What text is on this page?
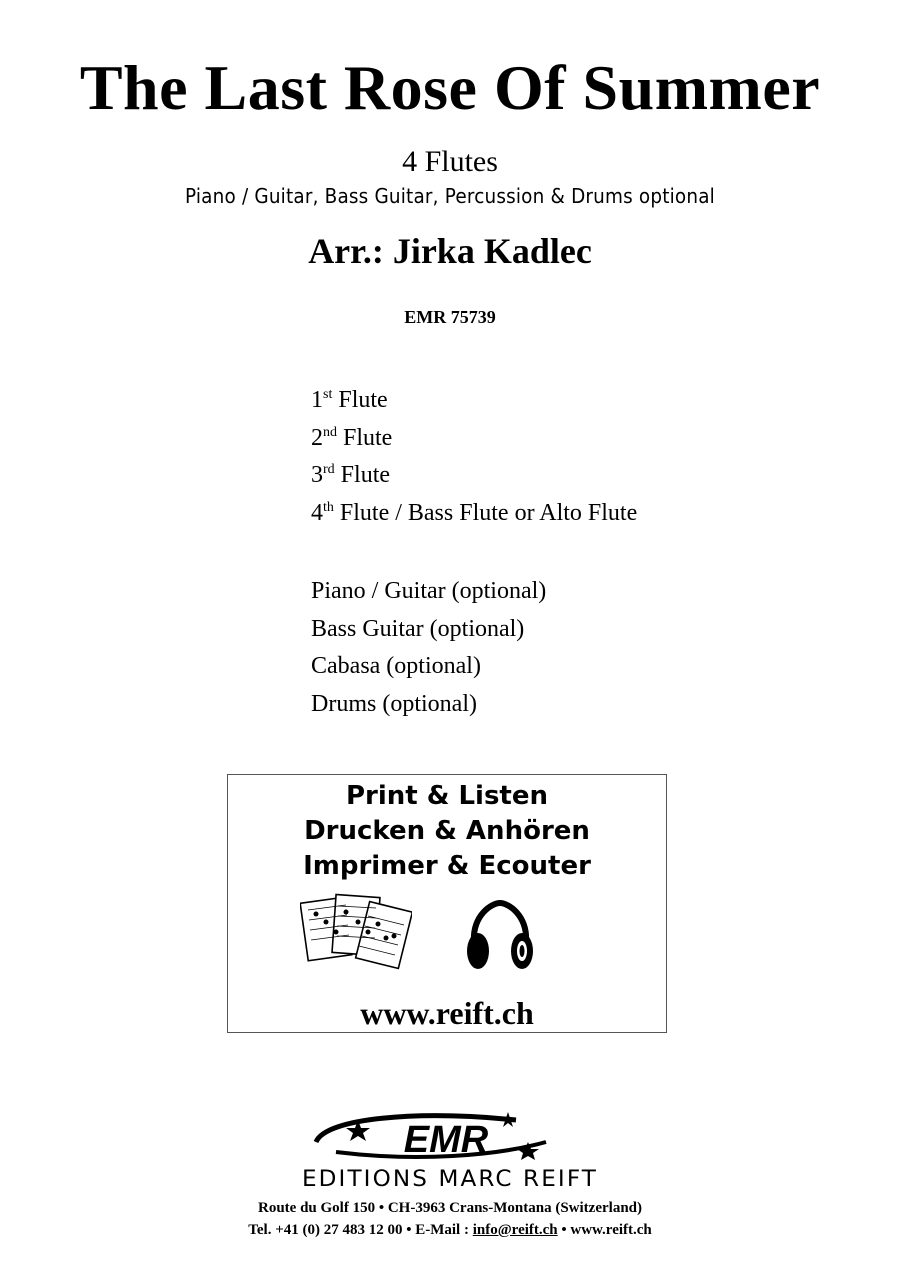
The Last Rose Of Summer
4 Flutes
Piano / Guitar, Bass Guitar, Percussion & Drums optional
Arr.: Jirka Kadlec
EMR 75739
1st Flute
2nd Flute
3rd Flute
4th Flute / Bass Flute or Alto Flute
Piano / Guitar (optional)
Bass Guitar (optional)
Cabasa (optional)
Drums (optional)
Print & Listen
Drucken & Anhören
Imprimer & Ecouter
www.reift.ch
EMR
EDITIONS MARC REIFT
Route du Golf 150 • CH-3963 Crans-Montana (Switzerland)
Tel. +41 (0) 27 483 12 00 • E-Mail : info@reift.ch • www.reift.ch
